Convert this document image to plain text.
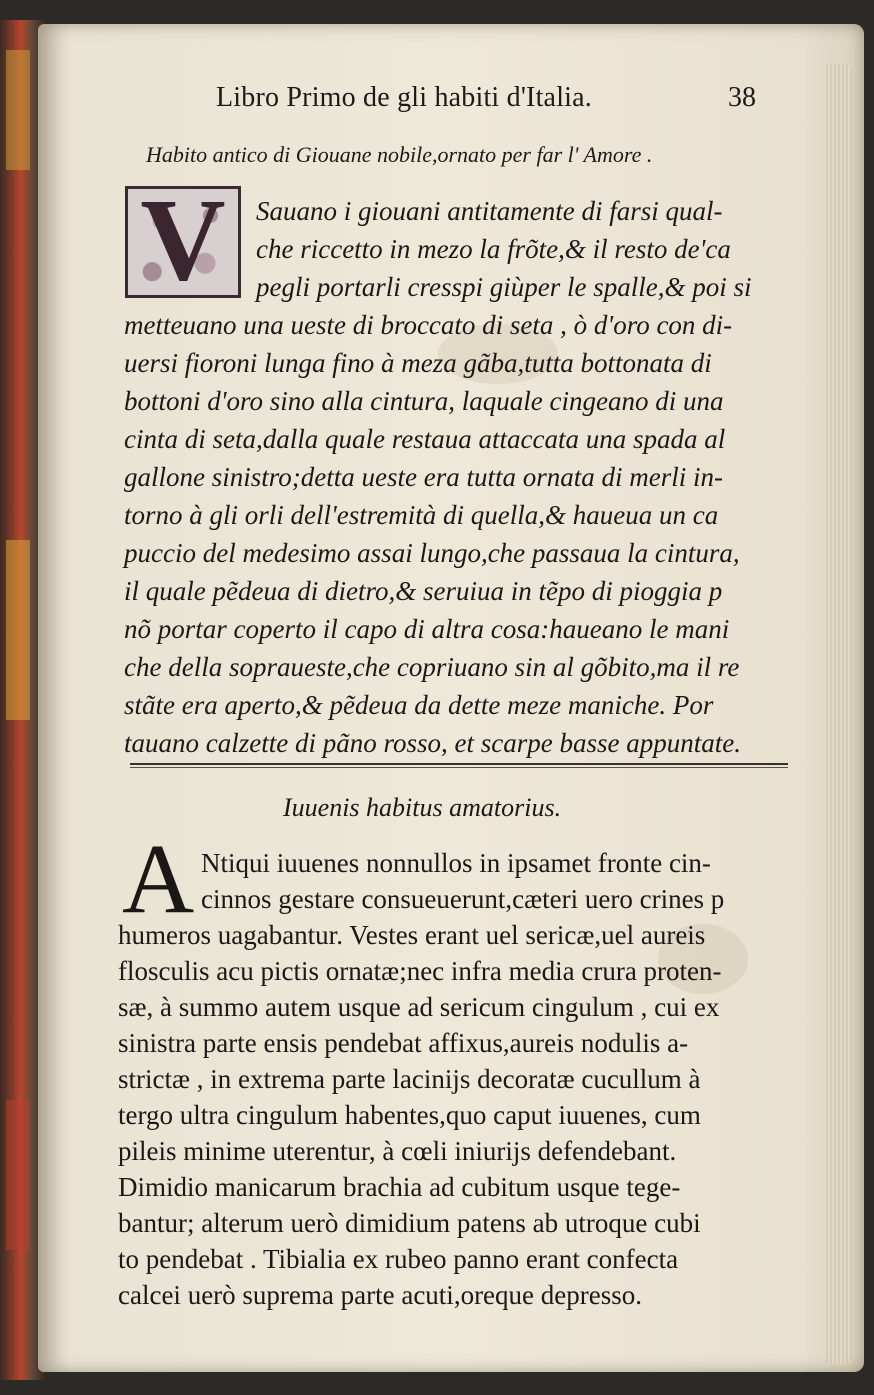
Libro Primo de gli habiti d'Italia.	38
Habito antico di Giouane nobile,ornato per far l' Amore .
V	Sauano i giouani antitamente di farsi qual-
che riccetto in mezo la frõte,& il resto de'ca
pegli portarli cresspi giùper le spalle,& poi si
metteuano una ueste di broccato di seta , ò d'oro con di-
uersi fioroni lunga fino à meza gãba,tutta bottonata di
bottoni d'oro sino alla cintura, laquale cingeano di una
cinta di seta,dalla quale restaua attaccata una spada al
gallone sinistro;detta ueste era tutta ornata di merli in-
torno à gli orli dell'estremità di quella,& haueua un ca
puccio del medesimo assai lungo,che passaua la cintura,
il quale pẽdeua di dietro,& seruiua in tẽpo di pioggia p
nõ portar coperto il capo di altra cosa:haueano le mani
che della sopraueste,che copriuano sin al gõbito,ma il re
stãte era aperto,& pẽdeua da dette meze maniche. Por
tauano calzette di pãno rosso, et scarpe basse appuntate.
Iuuenis habitus amatorius.
A Ntiqui iuuenes nonnullos in ipsamet fronte cin-
cinnos gestare consueuerunt,cæteri uero crines p
humeros uagabantur. Vestes erant uel sericæ,uel aureis
flosculis acu pictis ornatæ;nec infra media crura proten-
sæ, à summo autem usque ad sericum cingulum , cui ex
sinistra parte ensis pendebat affixus,aureis nodulis a-
strictæ , in extrema parte lacinijs decoratæ cucullum à
tergo ultra cingulum habentes,quo caput iuuenes, cum
pileis minime uterentur, à cœli iniurijs defendebant.
Dimidio manicarum brachia ad cubitum usque tege-
bantur; alterum uerò dimidium patens ab utroque cubi
to pendebat . Tibialia ex rubeo panno erant confecta
calcei uerò suprema parte acuti,oreque depresso.
